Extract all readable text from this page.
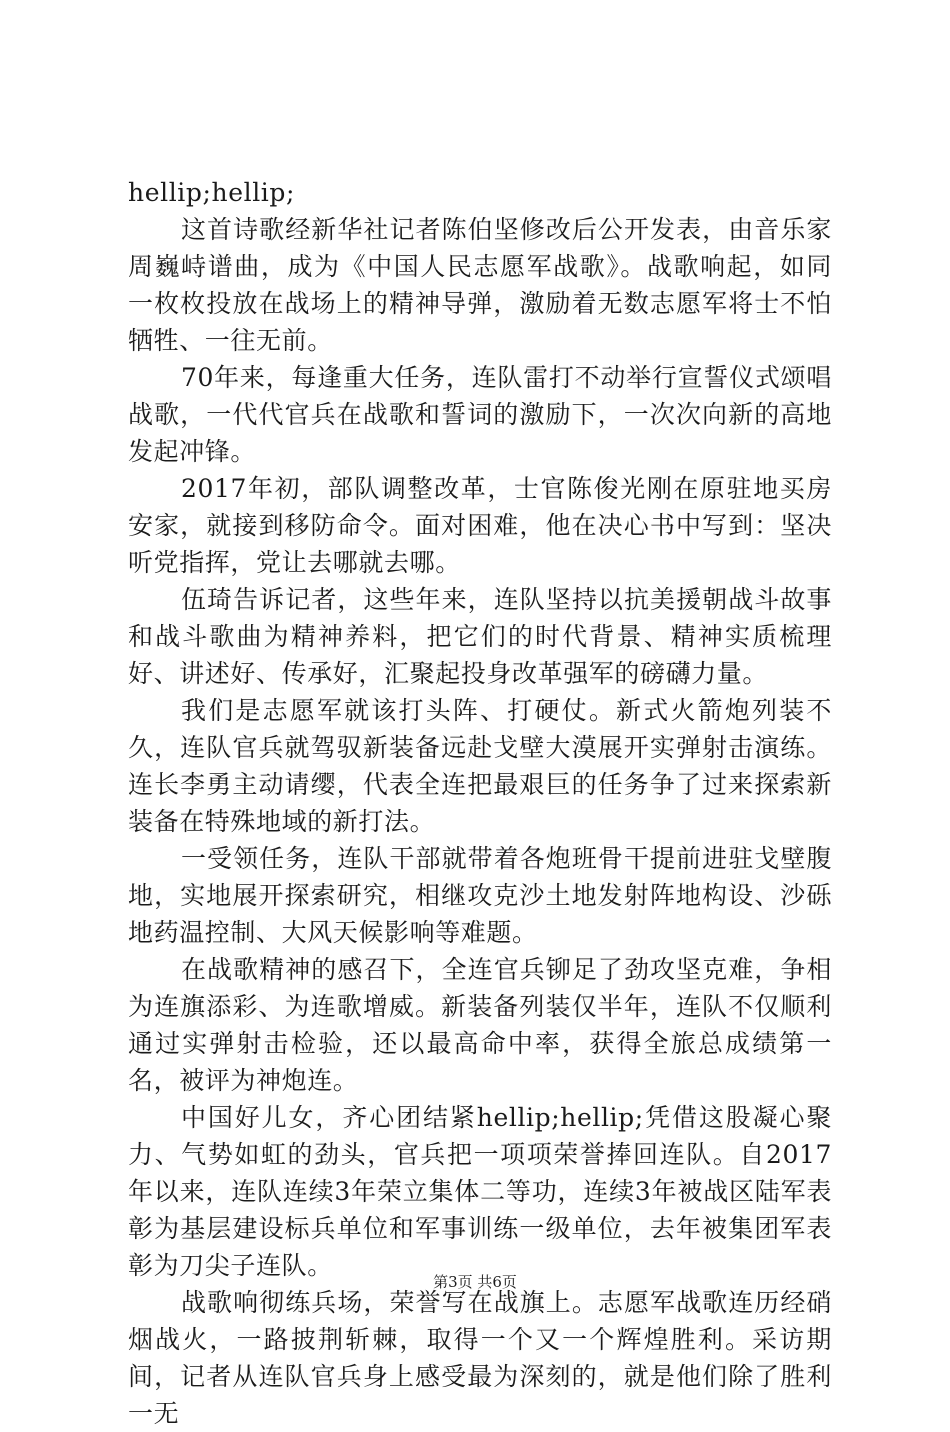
hellip;hellip;

这首诗歌经新华社记者陈伯坚修改后公开发表，由音乐家周巍峙谱曲，成为《中国人民志愿军战歌》。战歌响起，如同一枚枚投放在战场上的精神导弹，激励着无数志愿军将士不怕牺牲、一往无前。

70年来，每逢重大任务，连队雷打不动举行宣誓仪式颂唱战歌，一代代官兵在战歌和誓词的激励下，一次次向新的高地发起冲锋。

2017年初，部队调整改革，士官陈俊光刚在原驻地买房安家，就接到移防命令。面对困难，他在决心书中写到：坚决听党指挥，党让去哪就去哪。

伍琦告诉记者，这些年来，连队坚持以抗美援朝战斗故事和战斗歌曲为精神养料，把它们的时代背景、精神实质梳理好、讲述好、传承好，汇聚起投身改革强军的磅礴力量。

我们是志愿军就该打头阵、打硬仗。新式火箭炮列装不久，连队官兵就驾驭新装备远赴戈壁大漠展开实弹射击演练。连长李勇主动请缨，代表全连把最艰巨的任务争了过来探索新装备在特殊地域的新打法。

一受领任务，连队干部就带着各炮班骨干提前进驻戈壁腹地，实地展开探索研究，相继攻克沙土地发射阵地构设、沙砾地药温控制、大风天候影响等难题。

在战歌精神的感召下，全连官兵铆足了劲攻坚克难，争相为连旗添彩、为连歌增威。新装备列装仅半年，连队不仅顺利通过实弹射击检验，还以最高命中率，获得全旅总成绩第一名，被评为神炮连。

中国好儿女，齐心团结紧hellip;hellip;凭借这股凝心聚力、气势如虹的劲头，官兵把一项项荣誉捧回连队。自2017年以来，连队连续3年荣立集体二等功，连续3年被战区陆军表彰为基层建设标兵单位和军事训练一级单位，去年被集团军表彰为刀尖子连队。

战歌响彻练兵场，荣誉写在战旗上。志愿军战歌连历经硝烟战火，一路披荆斩棘，取得一个又一个辉煌胜利。采访期间，记者从连队官兵身上感受最为深刻的，就是他们除了胜利一无

第3页 共6页
